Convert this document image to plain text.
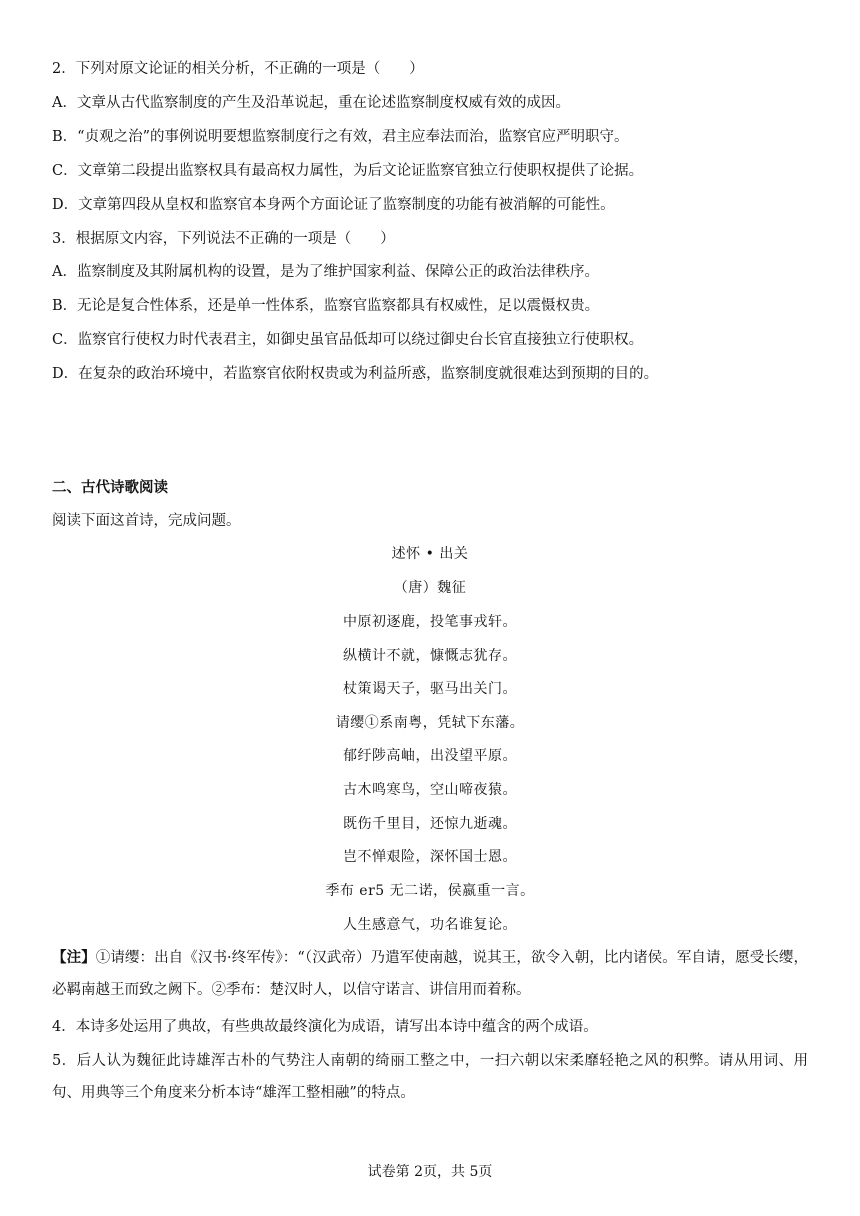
2．下列对原文论证的相关分析，不正确的一项是（　　）
A．文章从古代监察制度的产生及沿革说起，重在论述监察制度权威有效的成因。
B．“贞观之治”的事例说明要想监察制度行之有效，君主应奉法而治，监察官应严明职守。
C．文章第二段提出监察权具有最高权力属性，为后文论证监察官独立行使职权提供了论据。
D．文章第四段从皇权和监察官本身两个方面论证了监察制度的功能有被消解的可能性。
3．根据原文内容，下列说法不正确的一项是（　　）
A．监察制度及其附属机构的设置，是为了维护国家利益、保障公正的政治法律秩序。
B．无论是复合性体系，还是单一性体系，监察官监察都具有权威性，足以震慑权贵。
C．监察官行使权力时代表君主，如御史虽官品低却可以绕过御史台长官直接独立行使职权。
D．在复杂的政治环境中，若监察官依附权贵或为利益所惑，监察制度就很难达到预期的目的。
二、古代诗歌阅读
阅读下面这首诗，完成问题。
述怀 • 出关
（唐）魏征
中原初逐鹿，投笔事戎轩。
纵横计不就，慷慨志犹存。
杖策谒天子，驱马出关门。
请缨①系南粤，凭轼下东藩。
郁纡陟高岫，出没望平原。
古木鸣寒鸟，空山啼夜猿。
既伤千里目，还惊九逝魂。
岂不惮艰险，深怀国士恩。
季布 er5 无二诺，侯嬴重一言。
人生感意气，功名谁复论。
【注】①请缨：出自《汉书·终军传》：“（汉武帝）乃遣军使南越，说其王，欲令入朝，比内诸侯。军自请，愿受长缨，必羁南越王而致之阙下。②季布：楚汉时人，以信守诺言、讲信用而着称。
4．本诗多处运用了典故，有些典故最终演化为成语，请写出本诗中蕴含的两个成语。
5．后人认为魏征此诗雄浑古朴的气势注人南朝的绮丽工整之中，一扫六朝以宋柔靡轻艳之风的积弊。请从用词、用句、用典等三个角度来分析本诗“雄浑工整相融”的特点。
试卷第 2页，共 5页
